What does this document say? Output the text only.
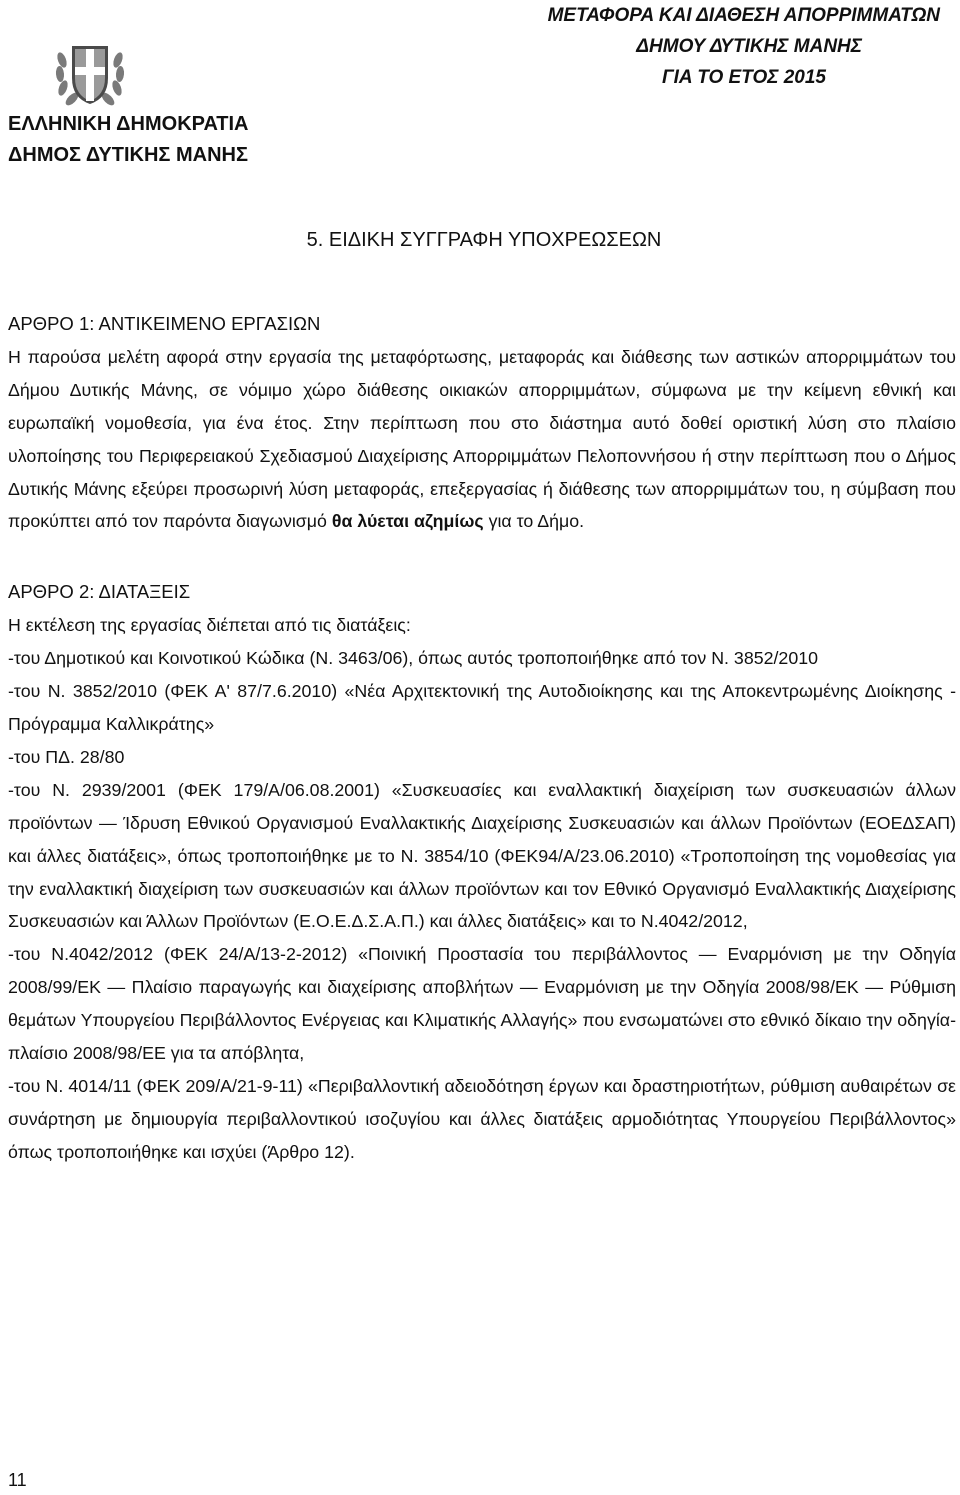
ΜΕΤΑΦΟΡΑ ΚΑΙ ΔΙΑΘΕΣΗ ΑΠΟΡΡΙΜΜΑΤΩΝ
ΔΗΜΟΥ ΔΥΤΙΚΗΣ ΜΑΝΗΣ
ΓΙΑ ΤΟ ΕΤΟΣ 2015
ΕΛΛΗΝΙΚΗ ΔΗΜΟΚΡΑΤΙΑ
ΔΗΜΟΣ ΔΥΤΙΚΗΣ ΜΑΝΗΣ
5. ΕΙΔΙΚΗ ΣΥΓΓΡΑΦΗ ΥΠΟΧΡΕΩΣΕΩΝ

ΑΡΘΡΟ 1: ΑΝΤΙΚΕΙΜΕΝΟ ΕΡΓΑΣΙΩΝ

Η παρούσα μελέτη αφορά στην εργασία της μεταφόρτωσης, μεταφοράς και διάθεσης των αστικών απορριμμάτων του Δήμου Δυτικής Μάνης, σε νόμιμο χώρο διάθεσης οικιακών απορριμμάτων, σύμφωνα με την κείμενη εθνική και ευρωπαϊκή νομοθεσία, για ένα έτος. Στην περίπτωση που στο διάστημα αυτό δοθεί οριστική λύση στο πλαίσιο υλοποίησης του Περιφερειακού Σχεδιασμού Διαχείρισης Απορριμμάτων Πελοποννήσου ή στην περίπτωση που ο Δήμος Δυτικής Μάνης εξεύρει προσωρινή λύση μεταφοράς, επεξεργασίας ή διάθεσης των απορριμμάτων του, η σύμβαση που προκύπτει από τον παρόντα διαγωνισμό θα λύεται αζημίως για το Δήμο.

ΑΡΘΡΟ 2: ΔΙΑΤΑΞΕΙΣ

Η εκτέλεση της εργασίας διέπεται από τις διατάξεις:

-του Δημοτικού και Κοινοτικού Κώδικα (Ν. 3463/06), όπως αυτός τροποποιήθηκε από τον Ν. 3852/2010

-του Ν. 3852/2010 (ΦΕΚ Α' 87/7.6.2010) «Νέα Αρχιτεκτονική της Αυτοδιοίκησης και της Αποκεντρωμένης Διοίκησης - Πρόγραμμα Καλλικράτης»

-του ΠΔ. 28/80

-του Ν. 2939/2001 (ΦΕΚ 179/Α/06.08.2001) «Συσκευασίες και εναλλακτική διαχείριση των συσκευασιών άλλων προϊόντων — Ίδρυση Εθνικού Οργανισμού Εναλλακτικής Διαχείρισης Συσκευασιών και άλλων Προϊόντων (ΕΟΕΔΣΑΠ) και άλλες διατάξεις», όπως τροποποιήθηκε με το Ν. 3854/10 (ΦΕΚ94/Α/23.06.2010) «Τροποποίηση της νομοθεσίας για την εναλλακτική διαχείριση των συσκευασιών και άλλων προϊόντων και τον Εθνικό Οργανισμό Εναλλακτικής Διαχείρισης Συσκευασιών και Άλλων Προϊόντων (Ε.Ο.Ε.Δ.Σ.Α.Π.) και άλλες διατάξεις» και το Ν.4042/2012,

-του Ν.4042/2012 (ΦΕΚ 24/Α/13-2-2012) «Ποινική Προστασία του περιβάλλοντος — Εναρμόνιση με την Οδηγία 2008/99/ΕΚ — Πλαίσιο παραγωγής και διαχείρισης αποβλήτων — Εναρμόνιση με την Οδηγία 2008/98/ΕΚ — Ρύθμιση θεμάτων Υπουργείου Περιβάλλοντος Ενέργειας και Κλιματικής Αλλαγής» που ενσωματώνει στο εθνικό δίκαιο την οδηγία-πλαίσιο 2008/98/ΕΕ για τα απόβλητα,

-του Ν. 4014/11 (ΦΕΚ 209/Α/21-9-11) «Περιβαλλοντική αδειοδότηση έργων και δραστηριοτήτων, ρύθμιση αυθαιρέτων σε συνάρτηση με δημιουργία περιβαλλοντικού ισοζυγίου και άλλες διατάξεις αρμοδιότητας Υπουργείου Περιβάλλοντος» όπως τροποποιήθηκε και ισχύει (Άρθρο 12).

11
